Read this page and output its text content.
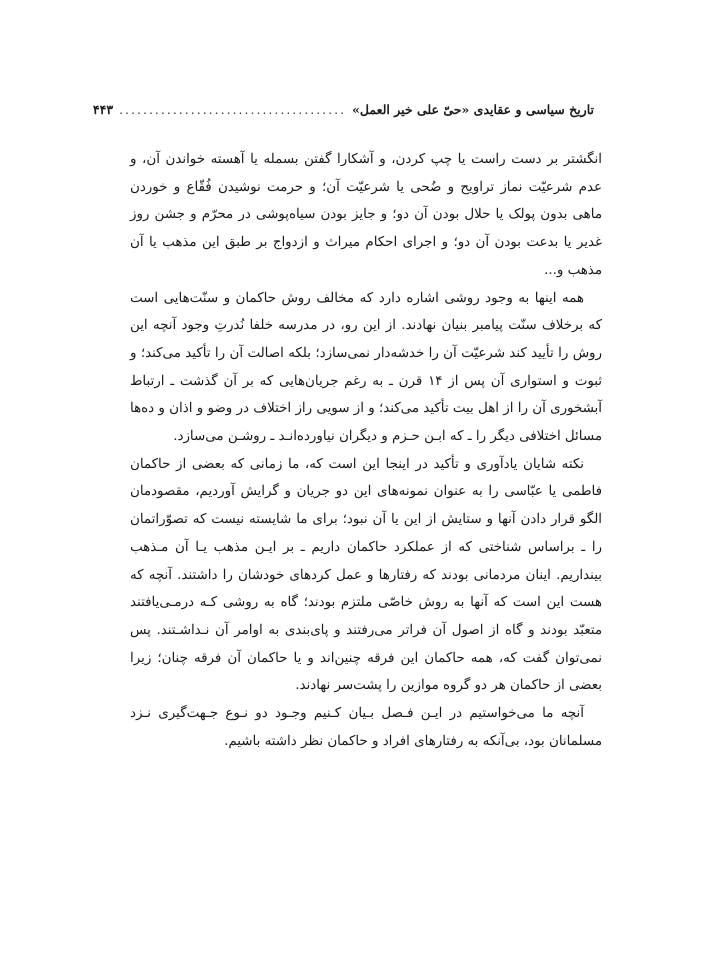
تاریخ سیاسی و عقایدی «حیّ علی خیر العمل»
......................................
۴۴۳

انگشتر بر دست راست یا چپ کردن، و آشکارا گفتن بسمله یا آهسته خواندن آن، و عدم شرعیّت نماز تراویح و ضُحی یا شرعیّت آن؛ و حرمت نوشیدن فُقّاع و خوردن ماهی بدون پولک یا حلال بودن آن دو؛ و جایز بودن سیاه‌پوشی در محرّم و جشن روز غدیر یا بدعت بودن آن دو؛ و اجرای احکام میراث و ازدواج بر طبق این مذهب یا آن مذهب و...

همه اینها به وجود روشی اشاره دارد که مخالف روش حاکمان و سنّت‌هایی است که برخلاف سنّت پیامبر بنیان نهادند. از این رو، در مدرسه خلفا نُدرتِ وجود آنچه این روش را تأیید کند شرعیّت آن را خدشه‌دار نمی‌سازد؛ بلکه اصالت آن را تأکید می‌کند؛ و ثبوت و استواری آن پس از ۱۴ قرن ـ به رغم جریان‌هایی که بر آن گذشت ـ ارتباط آبشخوری آن را از اهل بیت تأکید می‌کند؛ و از سویی راز اختلاف در وضو و اذان و ده‌ها مسائل اختلافی دیگر را ـ که ابـن حـزم و دیگران نیاورده‌انـد ـ روشـن می‌سازد.

نکته شایان یادآوری و تأکید در اینجا این است که، ما زمانی که بعضی از حاکمان فاطمی یا عبّاسی را به عنوان نمونه‌های این دو جریان و گرایش آوردیم، مقصودمان الگو قرار دادن آنها و ستایش از این یا آن نبود؛ برای ما شایسته نیست که تصوّراتمان را ـ براساس شناختی که از عملکرد حاکمان داریم ـ بر ایـن مذهب یـا آن مـذهب بینداریم. اینان مردمانی بودند که رفتارها و عمل کردهای خودشان را داشتند. آنچه که هست این است که آنها به روش خاصّی ملتزم بودند؛ گاه به روشی کـه درمـی‌یافتند متعبّد بودند و گاه از اصول آن فراتر می‌رفتند و پای‌بندی به اوامر آن نـداشـتند. پس نمی‌توان گفت که، همه حاکمان این فرقه چنین‌اند و یا حاکمان آن فرقه چنان؛ زیرا بعضی از حاکمان هر دو گروه موازین را پشت‌سر نهادند.

آنچه ما می‌خواستیم در ایـن فـصل بـیان کـنیم وجـود دو نـوع جـهت‌گیری نـزد مسلمانان بود، بی‌آنکه به رفتارهای افراد و حاکمان نظر داشته باشیم.
